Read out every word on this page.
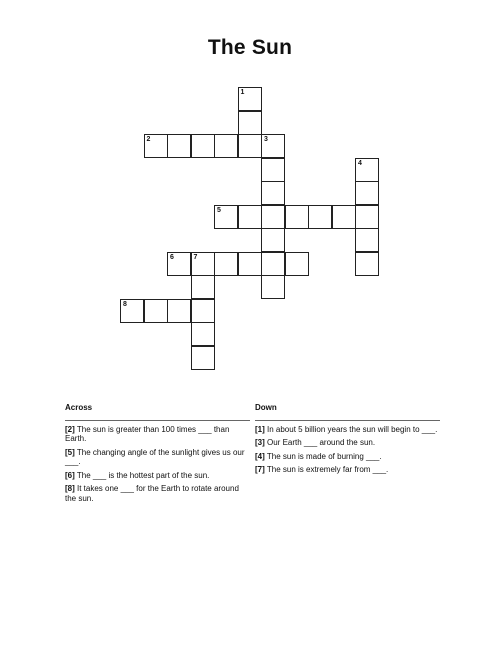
The Sun
1
2	3
4
5
6	7
8
Across
[2] The sun is greater than 100 times ___ than Earth.
[5] The changing angle of the sunlight gives us our ___.
[6] The ___ is the hottest part of the sun.
[8] It takes one ___ for the Earth to rotate around the sun.
Down
[1] In about 5 billion years the sun will begin to ___.
[3] Our Earth ___ around the sun.
[4] The sun is made of burning ___.
[7] The sun is extremely far from ___.
